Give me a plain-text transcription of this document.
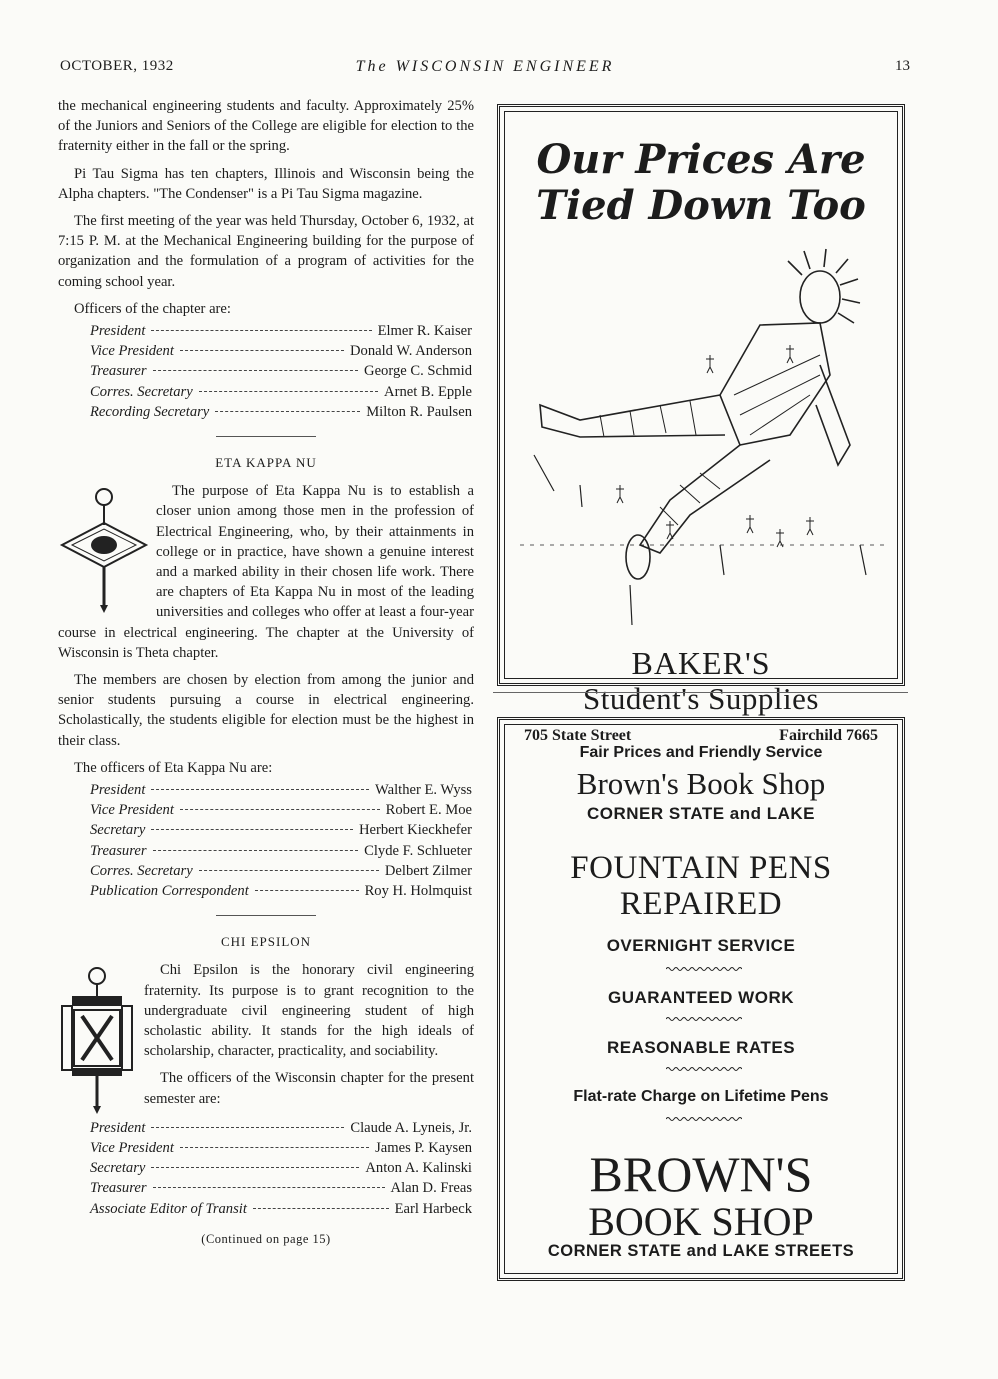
OCTOBER, 1932	The WISCONSIN ENGINEER	13

the mechanical engineering students and faculty. Approximately 25% of the Juniors and Seniors of the College are eligible for election to the fraternity either in the fall or the spring.

Pi Tau Sigma has ten chapters, Illinois and Wisconsin being the Alpha chapters. "The Condenser" is a Pi Tau Sigma magazine.

The first meeting of the year was held Thursday, October 6, 1932, at 7:15 P. M. at the Mechanical Engineering building for the purpose of organization and the formulation of a program of activities for the coming school year.

Officers of the chapter are:

President	Elmer R. Kaiser
Vice President	Donald W. Anderson
Treasurer	George C. Schmid
Corres. Secretary	Arnet B. Epple
Recording Secretary	Milton R. Paulsen
ETA KAPPA NU

The purpose of Eta Kappa Nu is to establish a closer union among those men in the profession of Electrical Engineering, who, by their attainments in college or in practice, have shown a genuine interest and a marked ability in their chosen life work. There are chapters of Eta Kappa Nu in most of the leading universities and colleges who offer at least a four-year course in electrical engineering. The chapter at the University of Wisconsin is Theta chapter.

The members are chosen by election from among the junior and senior students pursuing a course in electrical engineering. Scholastically, the students eligible for election must be the highest in their class.

The officers of Eta Kappa Nu are:

President	Walther E. Wyss
Vice President	Robert E. Moe
Secretary	Herbert Kieckhefer
Treasurer	Clyde F. Schlueter
Corres. Secretary	Delbert Zilmer
Publication Correspondent	Roy H. Holmquist
CHI EPSILON

Chi Epsilon is the honorary civil engineering fraternity. Its purpose is to grant recognition to the undergraduate civil engineering student of high scholastic ability. It stands for the high ideals of scholarship, character, practicality, and sociability.

The officers of the Wisconsin chapter for the present semester are:

President	Claude A. Lyneis, Jr.
Vice President	James P. Kaysen
Secretary	Anton A. Kalinski
Treasurer	Alan D. Freas
Associate Editor of Transit	Earl Harbeck
(Continued on page 15)
Our Prices Are
Tied Down Too
BAKER'S
Student's Supplies
705 State Street	Fairchild 7665
Fair Prices and Friendly Service
Brown's Book Shop
CORNER STATE and LAKE
FOUNTAIN PENS
REPAIRED
OVERNIGHT SERVICE
GUARANTEED WORK
REASONABLE RATES
Flat-rate Charge on Lifetime Pens
BROWN'S
BOOK SHOP
CORNER STATE and LAKE STREETS
